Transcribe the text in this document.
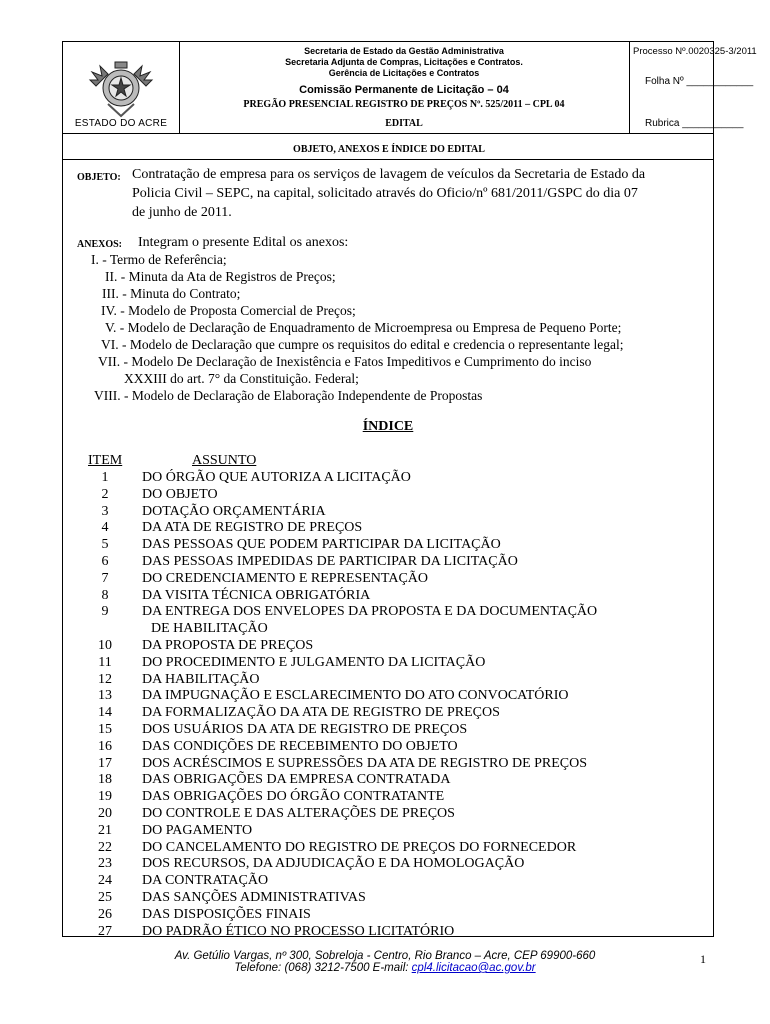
ESTADO DO ACRE
Secretaria de Estado da Gestão Administrativa
Secretaria Adjunta de Compras, Licitações e Contratos.
Gerência de Licitações e Contratos
Comissão Permanente de Licitação – 04
PREGÃO PRESENCIAL REGISTRO DE PREÇOS Nº. 525/2011 – CPL 04
EDITAL
Processo Nº.0020325-3/2011
Folha Nº ____________
Rubrica ___________
OBJETO, ANEXOS E ÍNDICE DO EDITAL
OBJETO: Contratação de empresa para os serviços de lavagem de veículos da Secretaria de Estado da
Policia Civil – SEPC, na capital, solicitado através do Oficio/nº 681/2011/GSPC do dia 07
de junho de 2011.
ANEXOS: Integram o presente Edital os anexos:
I. - Termo de Referência;
II. - Minuta da Ata de Registros de Preços;
III. - Minuta do Contrato;
IV. - Modelo de Proposta Comercial de Preços;
V. - Modelo de Declaração de Enquadramento de Microempresa ou Empresa de Pequeno Porte;
VI. - Modelo de Declaração que cumpre os requisitos do edital e credencia o representante legal;
VII. - Modelo De Declaração de Inexistência e Fatos Impeditivos e Cumprimento do inciso
XXXIII do art. 7° da Constituição. Federal;
VIII. - Modelo de Declaração de Elaboração Independente de Propostas
ÍNDICE
ITEM	ASSUNTO
1	DO ÓRGÃO QUE AUTORIZA A LICITAÇÃO
2	DO OBJETO
3	DOTAÇÃO ORÇAMENTÁRIA
4	DA ATA DE REGISTRO DE PREÇOS
5	DAS PESSOAS QUE PODEM PARTICIPAR DA LICITAÇÃO
6	DAS PESSOAS IMPEDIDAS DE PARTICIPAR DA LICITAÇÃO
7	DO CREDENCIAMENTO E REPRESENTAÇÃO
8	DA VISITA TÉCNICA OBRIGATÓRIA
9	DA ENTREGA DOS ENVELOPES DA PROPOSTA E DA DOCUMENTAÇÃO
DE HABILITAÇÃO
10	DA PROPOSTA DE PREÇOS
11	DO PROCEDIMENTO E JULGAMENTO DA LICITAÇÃO
12	DA HABILITAÇÃO
13	DA IMPUGNAÇÃO E ESCLARECIMENTO DO ATO CONVOCATÓRIO
14	DA FORMALIZAÇÃO DA ATA DE REGISTRO DE PREÇOS
15	DOS USUÁRIOS DA ATA DE REGISTRO DE PREÇOS
16	DAS CONDIÇÕES DE RECEBIMENTO DO OBJETO
17	DOS ACRÉSCIMOS E SUPRESSÕES DA ATA DE REGISTRO DE PREÇOS
18	DAS OBRIGAÇÕES DA EMPRESA CONTRATADA
19	DAS OBRIGAÇÕES DO ÓRGÃO CONTRATANTE
20	DO CONTROLE E DAS ALTERAÇÕES DE PREÇOS
21	DO PAGAMENTO
22	DO CANCELAMENTO DO REGISTRO DE PREÇOS DO FORNECEDOR
23	DOS RECURSOS, DA ADJUDICAÇÃO E DA HOMOLOGAÇÃO
24	DA CONTRATAÇÃO
25	DAS SANÇÕES ADMINISTRATIVAS
26	DAS DISPOSIÇÕES FINAIS
27	DO PADRÃO ÉTICO NO PROCESSO LICITATÓRIO
Av. Getúlio Vargas, nº 300, Sobreloja - Centro, Rio Branco – Acre, CEP 69900-660
Telefone: (068) 3212-7500 E-mail: cpl4.licitacao@ac.gov.br
1
